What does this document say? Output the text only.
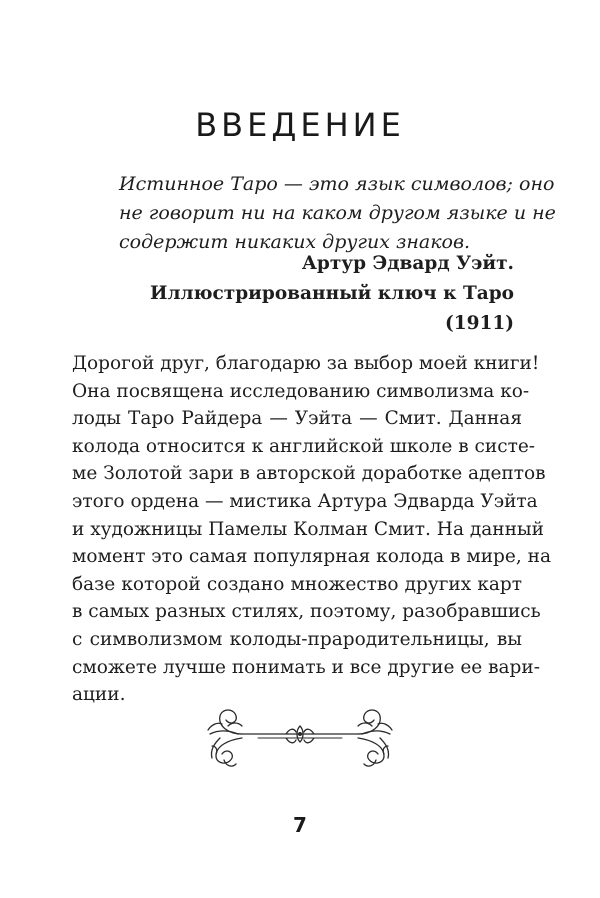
ВВЕДЕНИЕ
Истинное Таро — это язык символов; оно
не говорит ни на каком другом языке и не
содержит никаких других знаков.
Артур Эдвард Уэйт.
Иллюстрированный ключ к Таро
(1911)
Дорогой друг, благодарю за выбор моей книги!
Она посвящена исследованию символизма ко-
лоды Таро Райдера — Уэйта — Смит. Данная
колода относится к английской школе в систе-
ме Золотой зари в авторской доработке адептов
этого ордена — мистика Артура Эдварда Уэйта
и художницы Памелы Колман Смит. На данный
момент это самая популярная колода в мире, на
базе которой создано множество других карт
в самых разных стилях, поэтому, разобравшись
с символизмом колоды-прародительницы, вы
сможете лучше понимать и все другие ее вари-
ации.
7
